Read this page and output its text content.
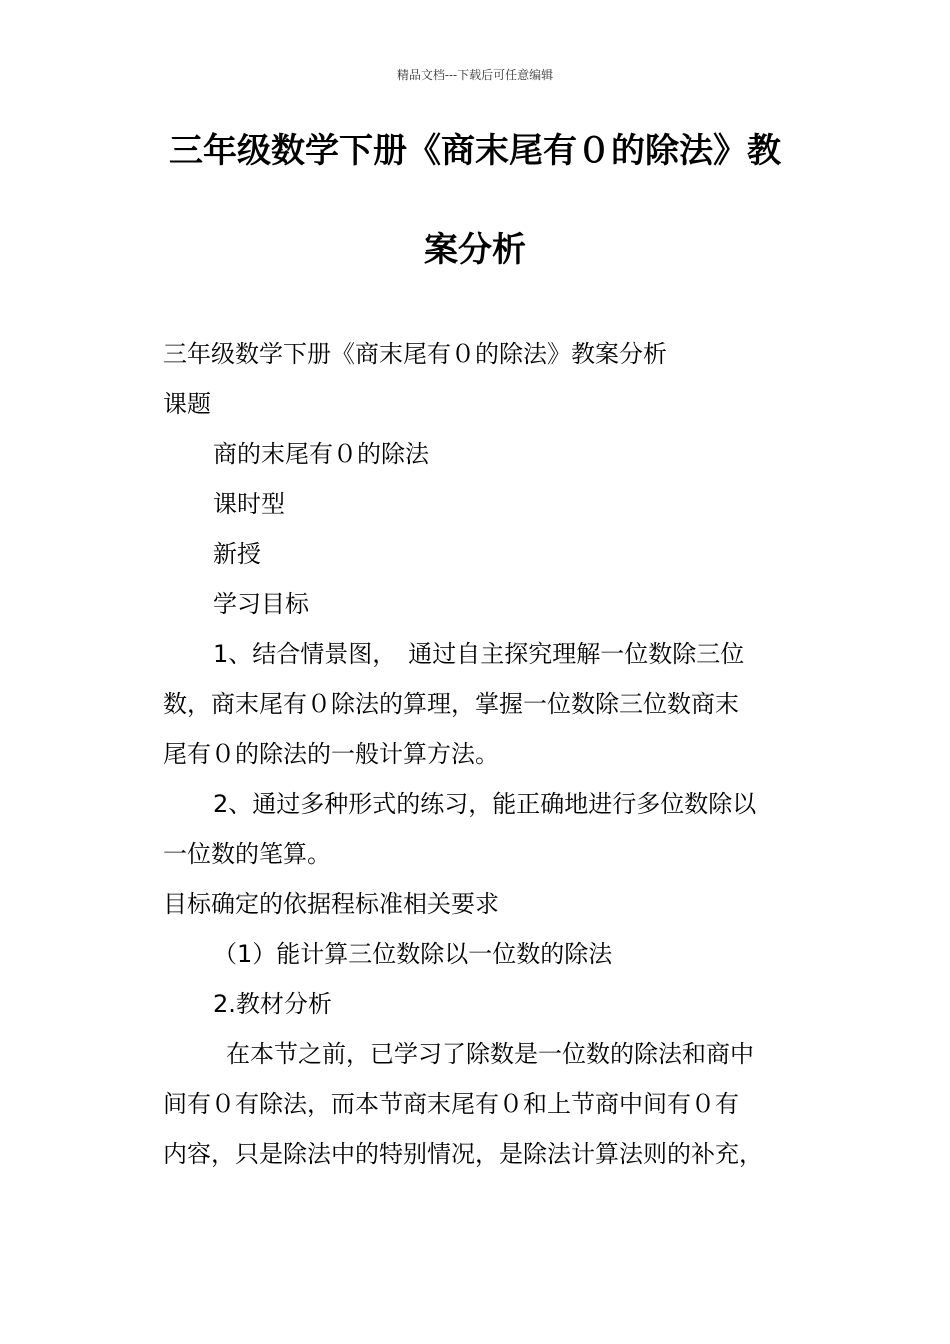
精品文档---下载后可任意编辑
三年级数学下册《商末尾有０的除法》教
案分析
三年级数学下册《商末尾有０的除法》教案分析
课题
商的末尾有０的除法
课时型
新授
学习目标
1、结合情景图，　通过自主探究理解一位数除三位
数，商末尾有０除法的算理，掌握一位数除三位数商末
尾有０的除法的一般计算方法。
2、通过多种形式的练习，能正确地进行多位数除以
一位数的笔算。
目标确定的依据程标准相关要求
（1）能计算三位数除以一位数的除法
2.教材分析
在本节之前，已学习了除数是一位数的除法和商中
间有０有除法，而本节商末尾有０和上节商中间有０有
内容，只是除法中的特别情况，是除法计算法则的补充，
